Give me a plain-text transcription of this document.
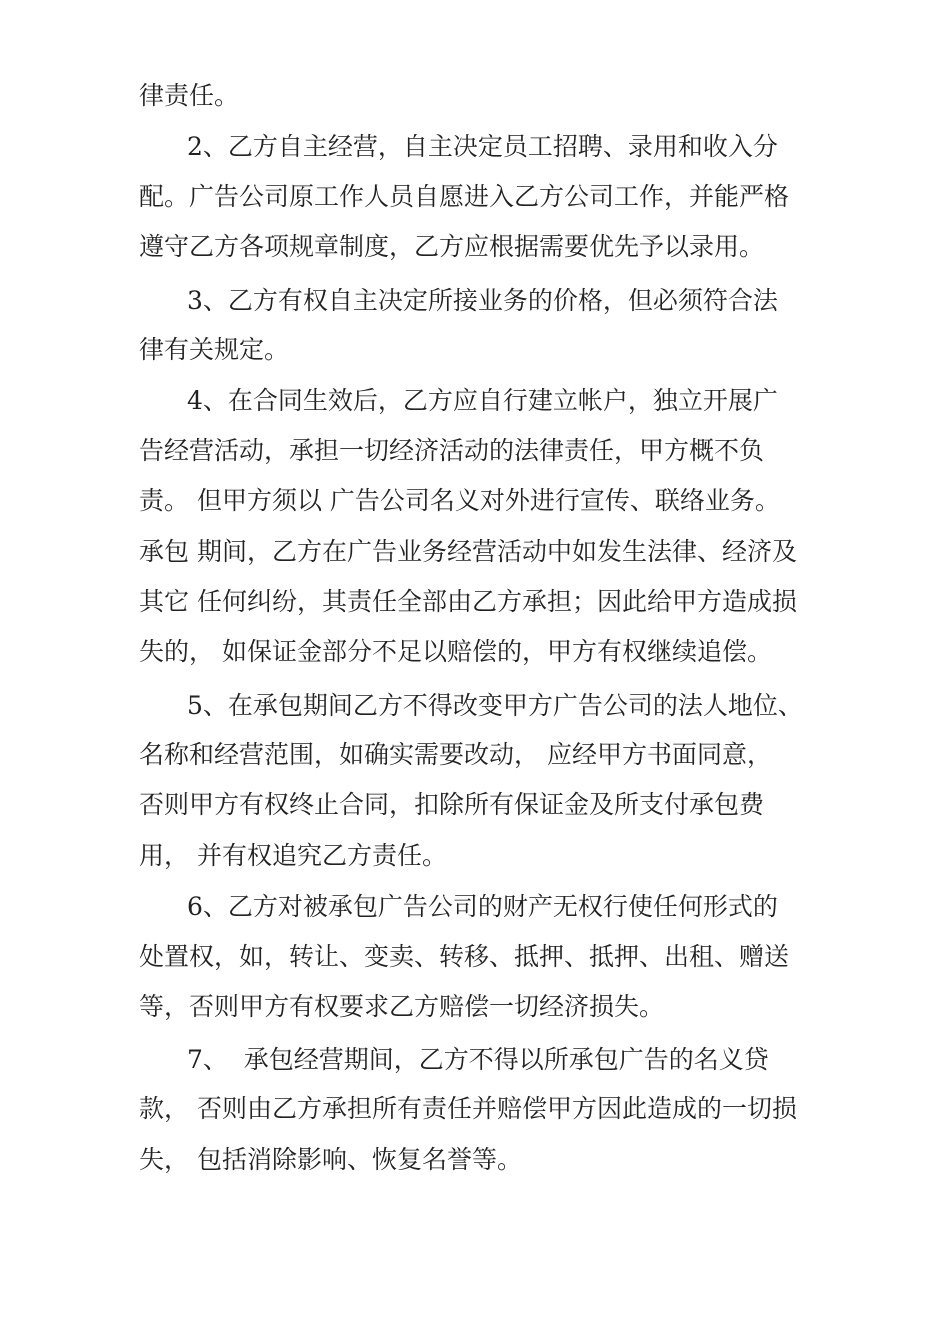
律责任。
2、乙方自主经营，自主决定员工招聘、录用和收入分
配。广告公司原工作人员自愿进入乙方公司工作，并能严格
遵守乙方各项规章制度，乙方应根据需要优先予以录用。
3、乙方有权自主决定所接业务的价格，但必须符合法
律有关规定。
4、在合同生效后，乙方应自行建立帐户，独立开展广
告经营活动，承担一切经济活动的法律责任，甲方概不负
责。 但甲方须以 广告公司名义对外进行宣传、联络业务。
承包 期间，乙方在广告业务经营活动中如发生法律、经济及
其它 任何纠纷，其责任全部由乙方承担；因此给甲方造成损
失的， 如保证金部分不足以赔偿的，甲方有权继续追偿。
5、在承包期间乙方不得改变甲方广告公司的法人地位、
名称和经营范围，如确实需要改动， 应经甲方书面同意，
否则甲方有权终止合同，扣除所有保证金及所支付承包费
用， 并有权追究乙方责任。
6、乙方对被承包广告公司的财产无权行使任何形式的
处置权，如，转让、变卖、转移、抵押、抵押、出租、赠送
等，否则甲方有权要求乙方赔偿一切经济损失。
7、  承包经营期间，乙方不得以所承包广告的名义贷
款， 否则由乙方承担所有责任并赔偿甲方因此造成的一切损
失， 包括消除影响、恢复名誉等。
